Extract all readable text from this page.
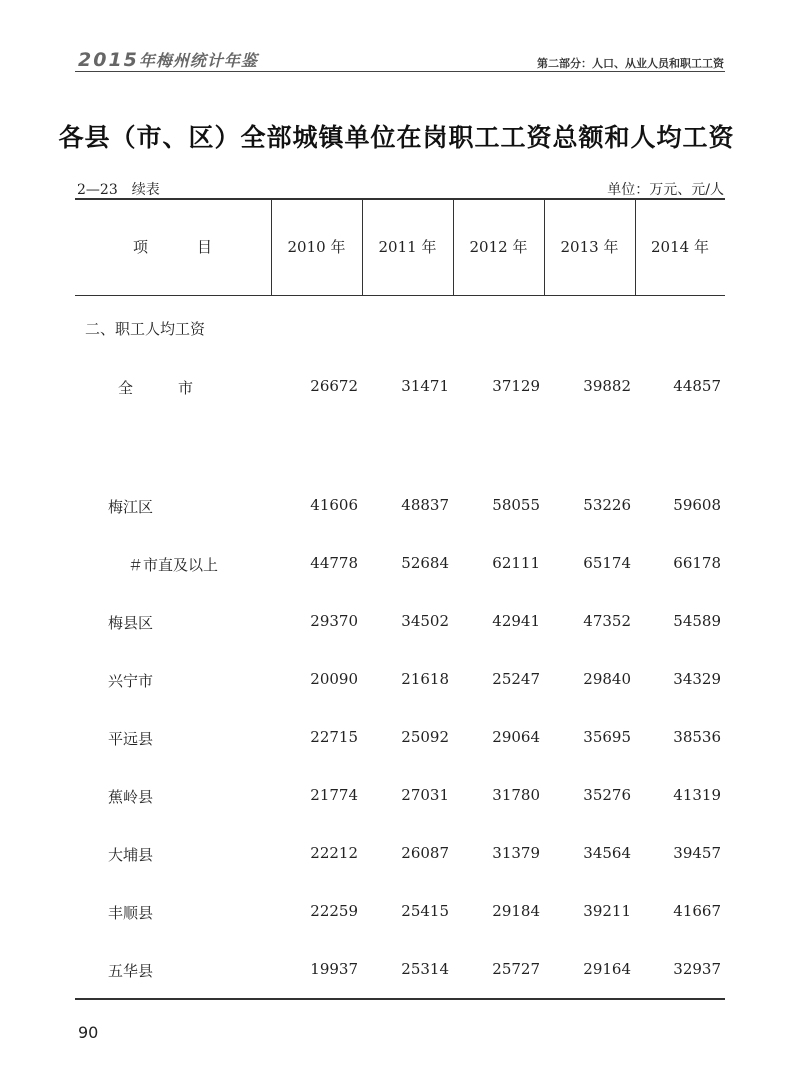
2015年梅州统计年鉴	第二部分：人口、从业人员和职工工资
各县（市、区）全部城镇单位在岗职工工资总额和人均工资
2—23　续表	单位：万元、元/人
项　　　目	2010 年	2011 年	2012 年	2013 年	2014 年
二、职工人均工资
全　　　市	26672	31471	37129	39882	44857
梅江区	41606	48837	58055	53226	59608
＃市直及以上	44778	52684	62111	65174	66178
梅县区	29370	34502	42941	47352	54589
兴宁市	20090	21618	25247	29840	34329
平远县	22715	25092	29064	35695	38536
蕉岭县	21774	27031	31780	35276	41319
大埔县	22212	26087	31379	34564	39457
丰顺县	22259	25415	29184	39211	41667
五华县	19937	25314	25727	29164	32937
90
